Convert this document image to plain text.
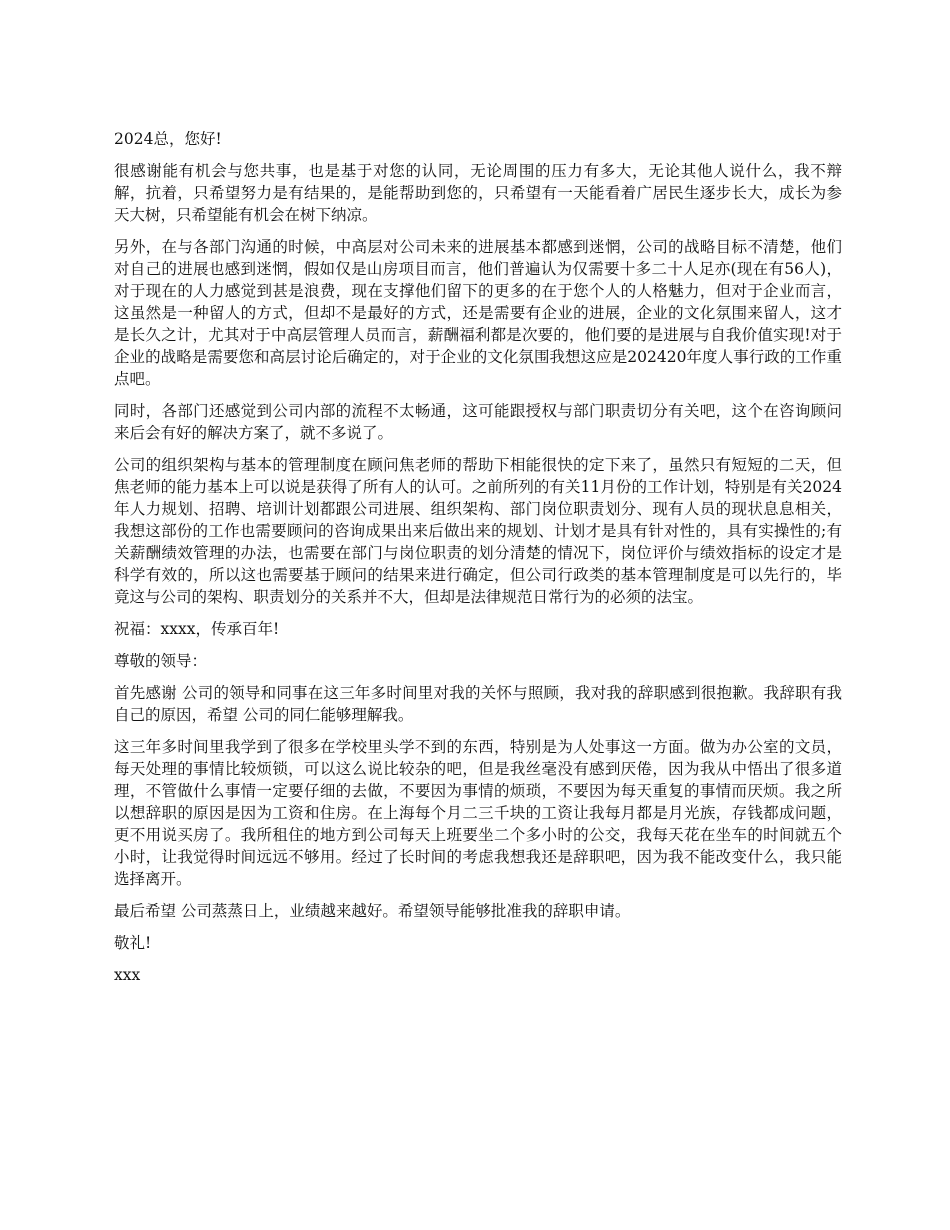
2024总，您好!

很感谢能有机会与您共事，也是基于对您的认同，无论周围的压力有多大，无论其他人说什么，我不辩解，抗着，只希望努力是有结果的，是能帮助到您的，只希望有一天能看着广居民生逐步长大，成长为参天大树，只希望能有机会在树下纳凉。

另外，在与各部门沟通的时候，中高层对公司未来的进展基本都感到迷惘，公司的战略目标不清楚，他们对自己的进展也感到迷惘，假如仅是山房项目而言，他们普遍认为仅需要十多二十人足亦(现在有56人)，对于现在的人力感觉到甚是浪费，现在支撑他们留下的更多的在于您个人的人格魅力，但对于企业而言，这虽然是一种留人的方式，但却不是最好的方式，还是需要有企业的进展，企业的文化氛围来留人，这才是长久之计，尤其对于中高层管理人员而言，薪酬福利都是次要的，他们要的是进展与自我价值实现!对于企业的战略是需要您和高层讨论后确定的，对于企业的文化氛围我想这应是202420年度人事行政的工作重点吧。

同时，各部门还感觉到公司内部的流程不太畅通，这可能跟授权与部门职责切分有关吧，这个在咨询顾问来后会有好的解决方案了，就不多说了。

公司的组织架构与基本的管理制度在顾问焦老师的帮助下相能很快的定下来了，虽然只有短短的二天，但焦老师的能力基本上可以说是获得了所有人的认可。之前所列的有关11月份的工作计划，特别是有关2024年人力规划、招聘、培训计划都跟公司进展、组织架构、部门岗位职责划分、现有人员的现状息息相关，我想这部份的工作也需要顾问的咨询成果出来后做出来的规划、计划才是具有针对性的，具有实操性的;有关薪酬绩效管理的办法，也需要在部门与岗位职责的划分清楚的情况下，岗位评价与绩效指标的设定才是科学有效的，所以这也需要基于顾问的结果来进行确定，但公司行政类的基本管理制度是可以先行的，毕竟这与公司的架构、职责划分的关系并不大，但却是法律规范日常行为的必须的法宝。

祝福：xxxx，传承百年!

尊敬的领导：

首先感谢 公司的领导和同事在这三年多时间里对我的关怀与照顾，我对我的辞职感到很抱歉。我辞职有我自己的原因，希望 公司的同仁能够理解我。

这三年多时间里我学到了很多在学校里头学不到的东西，特别是为人处事这一方面。做为办公室的文员，每天处理的事情比较烦锁，可以这么说比较杂的吧，但是我丝毫没有感到厌倦，因为我从中悟出了很多道理，不管做什么事情一定要仔细的去做，不要因为事情的烦琐，不要因为每天重复的事情而厌烦。我之所以想辞职的原因是因为工资和住房。在上海每个月二三千块的工资让我每月都是月光族，存钱都成问题，更不用说买房了。我所租住的地方到公司每天上班要坐二个多小时的公交，我每天花在坐车的时间就五个小时，让我觉得时间远远不够用。经过了长时间的考虑我想我还是辞职吧，因为我不能改变什么，我只能选择离开。

最后希望 公司蒸蒸日上，业绩越来越好。希望领导能够批准我的辞职申请。

敬礼!

xxx
